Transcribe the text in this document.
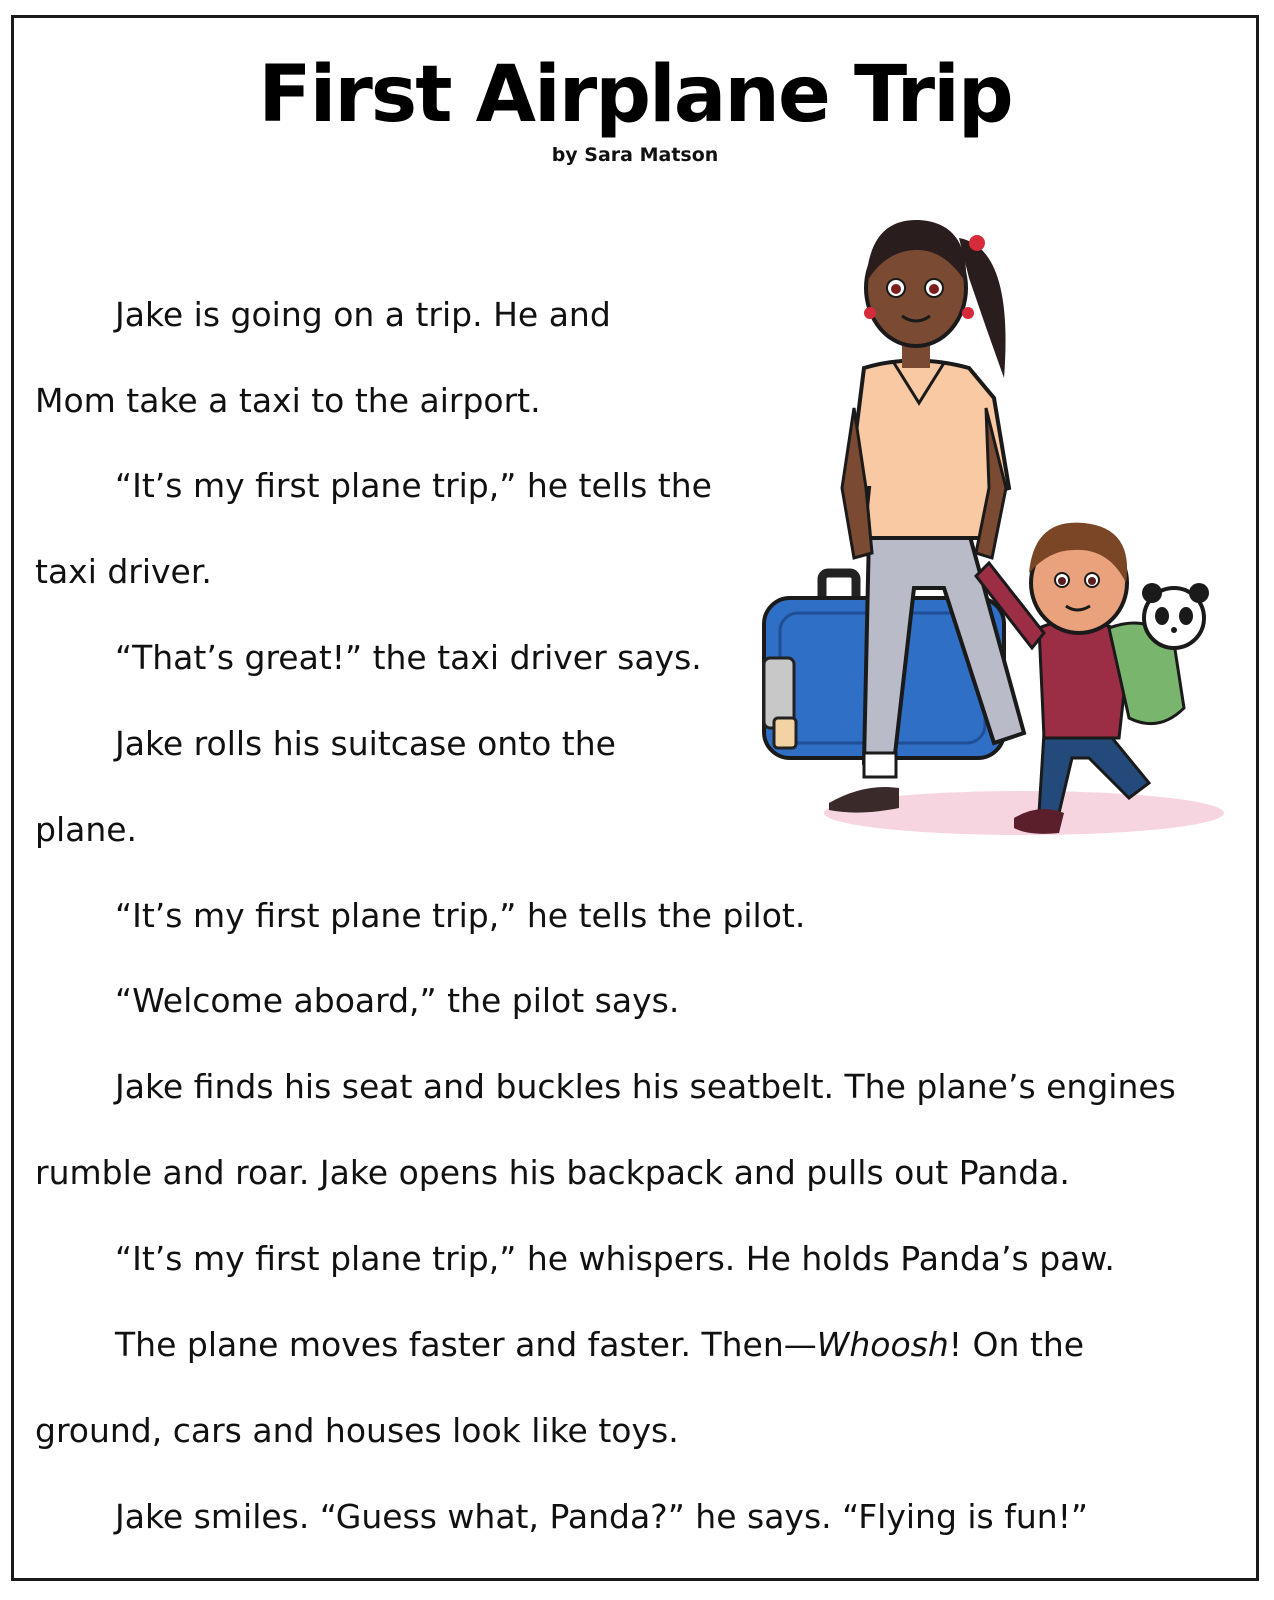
First Airplane Trip
by Sara Matson
Jake is going on a trip. He and
Mom take a taxi to the airport.
“It’s my first plane trip,” he tells the
taxi driver.
“That’s great!” the taxi driver says.
Jake rolls his suitcase onto the
plane.
“It’s my first plane trip,” he tells the pilot.
“Welcome aboard,” the pilot says.
Jake finds his seat and buckles his seatbelt. The plane’s engines
rumble and roar. Jake opens his backpack and pulls out Panda.
“It’s my first plane trip,” he whispers. He holds Panda’s paw.
The plane moves faster and faster. Then—Whoosh! On the
ground, cars and houses look like toys.
Jake smiles. “Guess what, Panda?” he says. “Flying is fun!”
